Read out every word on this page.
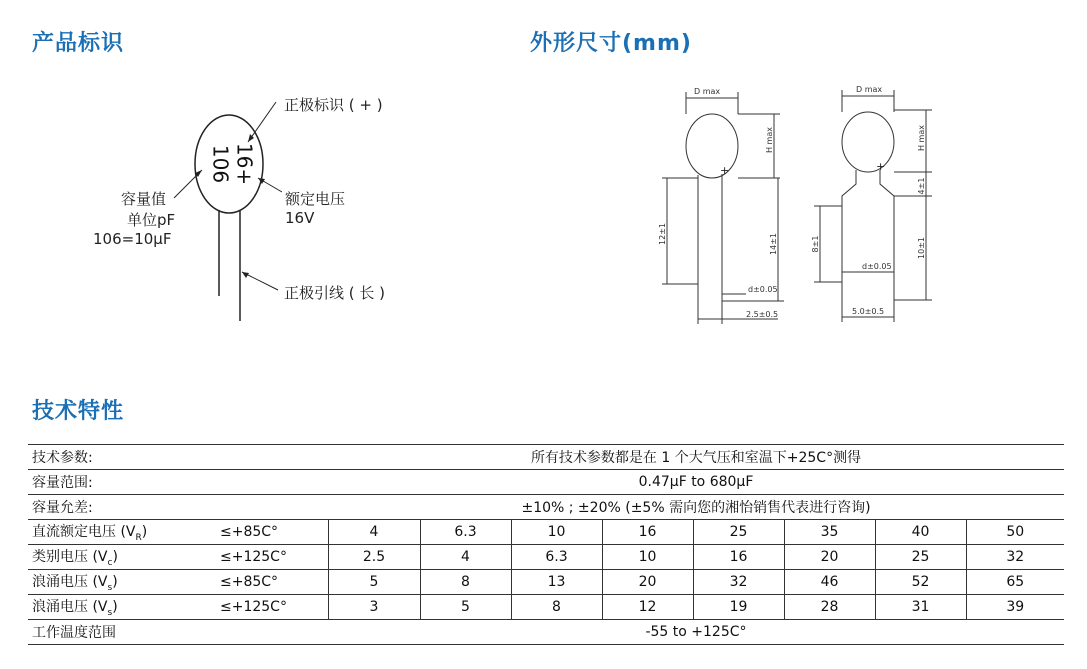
产品标识	外形尺寸(mm)
技术特性
106 16+
正极标识 ( + )
容量值
单位pF
106=10μF
额定电压
16V
正极引线 ( 长 )
D max
H max
+
12±1	14±1
d±0.05
2.5±0.5
D max
H max
+
4±1
8±1	10±1
d±0.05
5.0±0.5
技术参数:		所有技术参数都是在 1 个大气压和室温下+25C°测得							
容量范围:		0.47μF to 680μF							
容量允差:		±10% ; ±20% (±5% 需向您的湘怡销售代表进行咨询)							
直流额定电压 $(V_R)$	≤+85C°	4	6.3	10	16	25	35	40	50
类别电压 $(V_c)$	≤+125C°	2.5	4	6.3	10	16	20	25	32
浪涌电压 $(V_s)$	≤+85C°	5	8	13	20	32	46	52	65
浪涌电压 $(V_s)$	≤+125C°	3	5	8	12	19	28	31	39
工作温度范围		-55 to +125C°							
